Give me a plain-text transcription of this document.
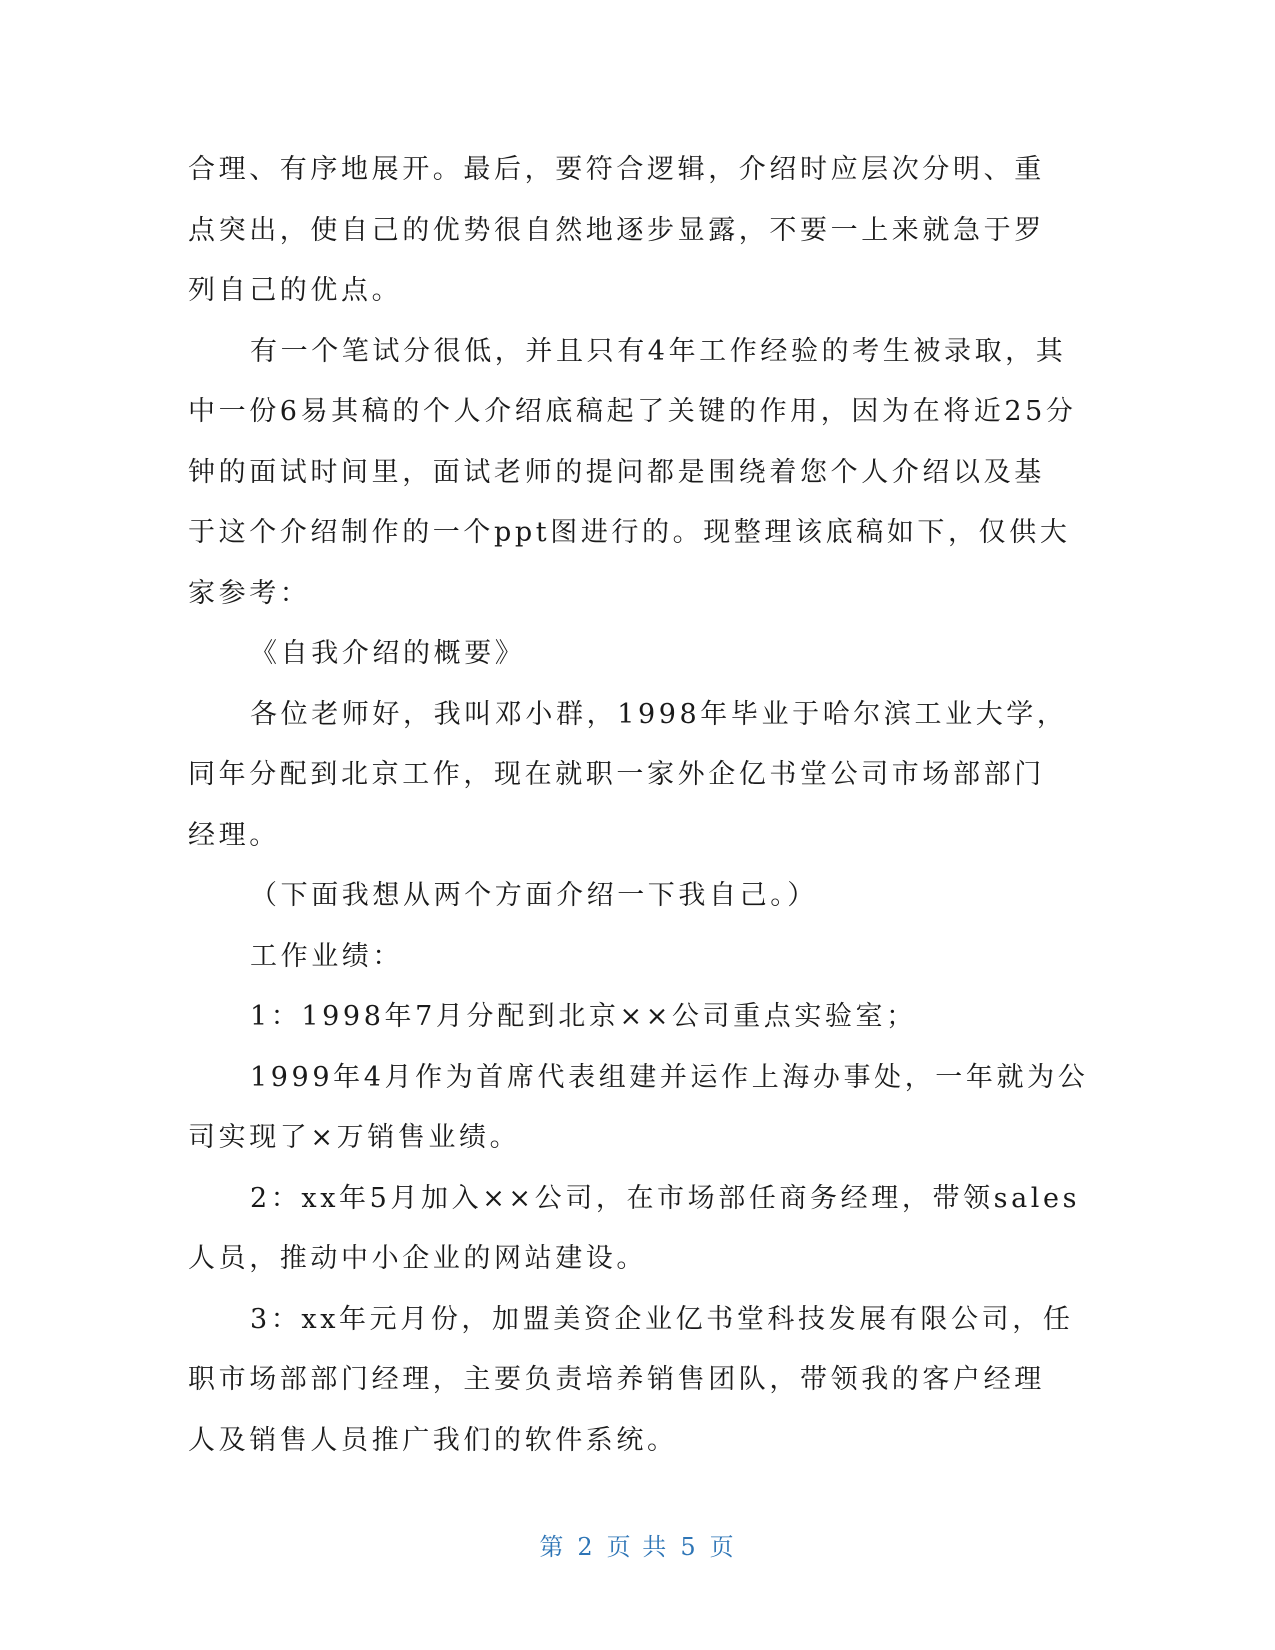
合理、有序地展开。最后，要符合逻辑，介绍时应层次分明、重
点突出，使自己的优势很自然地逐步显露，不要一上来就急于罗
列自己的优点。
有一个笔试分很低，并且只有4年工作经验的考生被录取，其
中一份6易其稿的个人介绍底稿起了关键的作用，因为在将近25分
钟的面试时间里，面试老师的提问都是围绕着您个人介绍以及基
于这个介绍制作的一个ppt图进行的。现整理该底稿如下，仅供大
家参考：
《自我介绍的概要》
各位老师好，我叫邓小群，1998年毕业于哈尔滨工业大学，
同年分配到北京工作，现在就职一家外企亿书堂公司市场部部门
经理。
（下面我想从两个方面介绍一下我自己。）
工作业绩：
1：1998年7月分配到北京××公司重点实验室；
1999年4月作为首席代表组建并运作上海办事处，一年就为公
司实现了×万销售业绩。
2：xx年5月加入××公司，在市场部任商务经理，带领sales
人员，推动中小企业的网站建设。
3：xx年元月份，加盟美资企业亿书堂科技发展有限公司，任
职市场部部门经理，主要负责培养销售团队，带领我的客户经理
人及销售人员推广我们的软件系统。
第 2 页 共 5 页
